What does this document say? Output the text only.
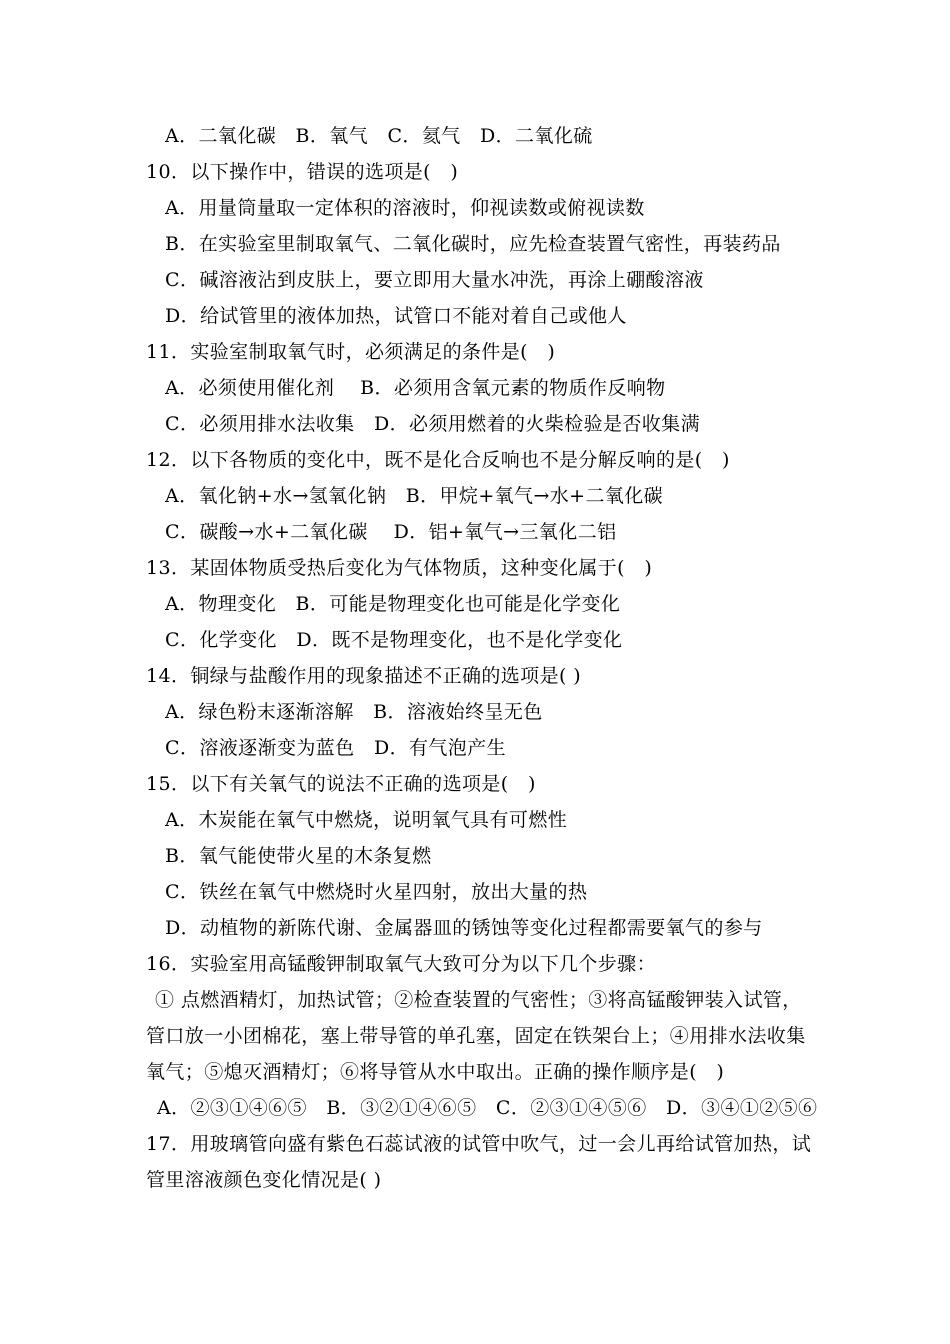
A．二氧化碳　B．氧气　C．氦气　D．二氧化硫
10．以下操作中，错误的选项是(　)
A．用量筒量取一定体积的溶液时，仰视读数或俯视读数
B．在实验室里制取氧气、二氧化碳时，应先检查装置气密性，再装药品
C．碱溶液沾到皮肤上，要立即用大量水冲洗，再涂上硼酸溶液
D．给试管里的液体加热，试管口不能对着自己或他人
11．实验室制取氧气时，必须满足的条件是(　)
A．必须使用催化剂　 B．必须用含氧元素的物质作反响物
C．必须用排水法收集　D．必须用燃着的火柴检验是否收集满
12．以下各物质的变化中，既不是化合反响也不是分解反响的是(　)
A．氧化钠+水→氢氧化钠　B．甲烷+氧气→水+二氧化碳
C．碳酸→水+二氧化碳　 D．铝+氧气→三氧化二铝
13．某固体物质受热后变化为气体物质，这种变化属于(　)
A．物理变化　B．可能是物理变化也可能是化学变化
C．化学变化　D．既不是物理变化，也不是化学变化
14．铜绿与盐酸作用的现象描述不正确的选项是( )
A．绿色粉末逐渐溶解　B．溶液始终呈无色
C．溶液逐渐变为蓝色　D．有气泡产生
15．以下有关氧气的说法不正确的选项是(　)
A．木炭能在氧气中燃烧，说明氧气具有可燃性
B．氧气能使带火星的木条复燃
C．铁丝在氧气中燃烧时火星四射，放出大量的热
D．动植物的新陈代谢、金属器皿的锈蚀等变化过程都需要氧气的参与
16．实验室用高锰酸钾制取氧气大致可分为以下几个步骤：
① 点燃酒精灯，加热试管；②检查装置的气密性；③将高锰酸钾装入试管，
管口放一小团棉花，塞上带导管的单孔塞，固定在铁架台上；④用排水法收集
氧气；⑤熄灭酒精灯；⑥将导管从水中取出。正确的操作顺序是(　)
A．②③①④⑥⑤　B．③②①④⑥⑤　C．②③①④⑤⑥　D．③④①②⑤⑥
17．用玻璃管向盛有紫色石蕊试液的试管中吹气，过一会儿再给试管加热，试
管里溶液颜色变化情况是( )
